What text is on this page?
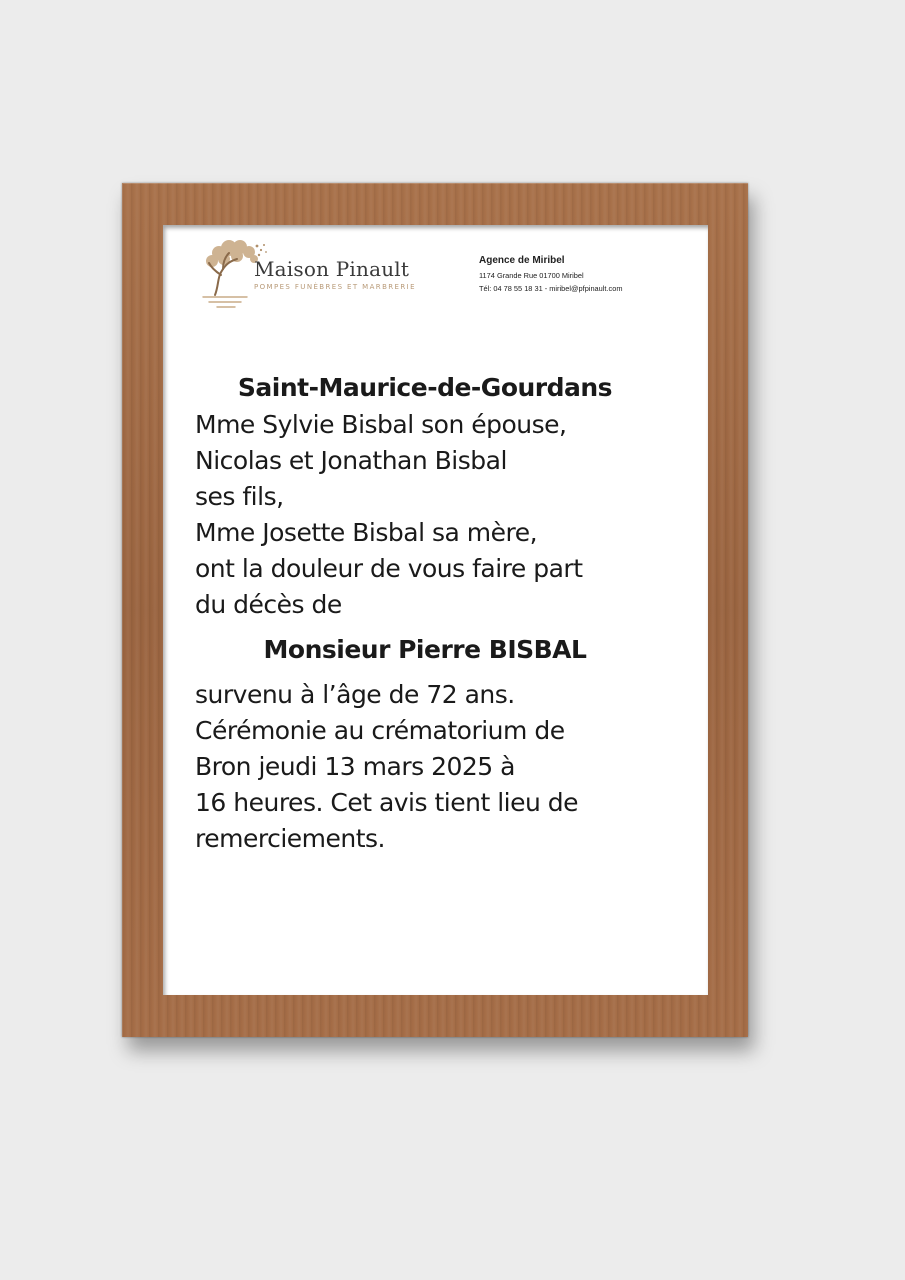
Maison Pinault
POMPES FUNÈBRES ET MARBRERIE
Agence de Miribel
1174 Grande Rue 01700 Miribel
Tél: 04 78 55 18 31 - miribel@pfpinault.com
Saint-Maurice-de-Gourdans
Mme Sylvie Bisbal son épouse,
Nicolas et Jonathan Bisbal
ses fils,
Mme Josette Bisbal sa mère,
ont la douleur de vous faire part
du décès de
Monsieur Pierre BISBAL
survenu à l’âge de 72 ans.
Cérémonie au crématorium de
Bron jeudi 13 mars 2025 à
16 heures. Cet avis tient lieu de
remerciements.
